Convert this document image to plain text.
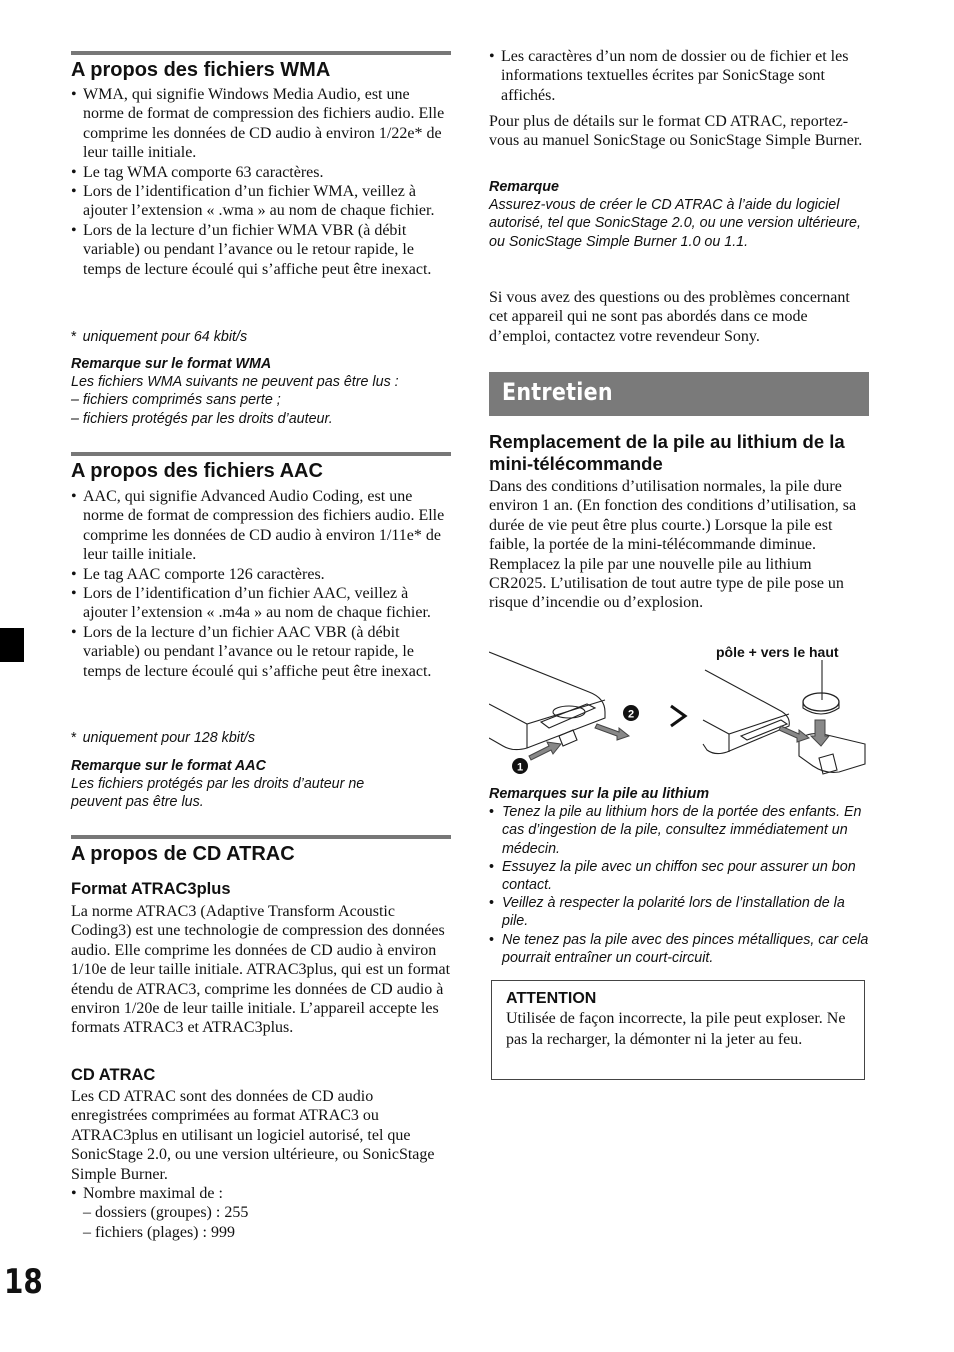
18
A propos des fichiers WMA
• WMA, qui signifie Windows Media Audio, est une norme de format de compression des fichiers audio. Elle comprime les données de CD audio à environ 1/22e* de leur taille initiale.
• Le tag WMA comporte 63 caractères.
• Lors de l’identification d’un fichier WMA, veillez à ajouter l’extension « .wma » au nom de chaque fichier.
• Lors de la lecture d’un fichier WMA VBR (à débit variable) ou pendant l’avance ou le retour rapide, le temps de lecture écoulé qui s’affiche peut être inexact.
* uniquement pour 64 kbit/s

Remarque sur le format WMA

Les fichiers WMA suivants ne peuvent pas être lus :

– fichiers comprimés sans perte ;

– fichiers protégés par les droits d’auteur.

A propos des fichiers AAC
• AAC, qui signifie Advanced Audio Coding, est une norme de format de compression des fichiers audio. Elle comprime les données de CD audio à environ 1/11e* de leur taille initiale.
• Le tag AAC comporte 126 caractères.
• Lors de l’identification d’un fichier AAC, veillez à ajouter l’extension « .m4a » au nom de chaque fichier.
• Lors de la lecture d’un fichier AAC VBR (à débit variable) ou pendant l’avance ou le retour rapide, le temps de lecture écoulé qui s’affiche peut être inexact.
* uniquement pour 128 kbit/s

Remarque sur le format AAC

Les fichiers protégés par les droits d’auteur ne peuvent pas être lus.

A propos de CD ATRAC
Format ATRAC3plus

La norme ATRAC3 (Adaptive Transform Acoustic Coding3) est une technologie de compression des données audio. Elle comprime les données de CD audio à environ 1/10e de leur taille initiale. ATRAC3plus, qui est un format étendu de ATRAC3, comprime les données de CD audio à environ 1/20e de leur taille initiale. L’appareil accepte les formats ATRAC3 et ATRAC3plus.

CD ATRAC

Les CD ATRAC sont des données de CD audio enregistrées comprimées au format ATRAC3 ou ATRAC3plus en utilisant un logiciel autorisé, tel que SonicStage 2.0, ou une version ultérieure, ou SonicStage Simple Burner.

• Nombre maximal de :

– dossiers (groupes) : 255

– fichiers (plages) : 999

• Les caractères d’un nom de dossier ou de fichier et les informations textuelles écrites par SonicStage sont affichés.

Pour plus de détails sur le format CD ATRAC, reportez-vous au manuel SonicStage ou SonicStage Simple Burner.

Remarque

Assurez-vous de créer le CD ATRAC à l’aide du logiciel autorisé, tel que SonicStage 2.0, ou une version ultérieure, ou SonicStage Simple Burner 1.0 ou 1.1.

Si vous avez des questions ou des problèmes concernant cet appareil qui ne sont pas abordés dans ce mode d’emploi, contactez votre revendeur Sony.

Entretien
Remplacement de la pile au lithium de la mini-télécommande

Dans des conditions d’utilisation normales, la pile dure environ 1 an. (En fonction des conditions d’utilisation, sa durée de vie peut être plus courte.) Lorsque la pile est faible, la portée de la mini-télécommande diminue. Remplacez la pile par une nouvelle pile au lithium CR2025. L’utilisation de tout autre type de pile pose un risque d’incendie ou d’explosion.

pôle + vers le haut
2
1

Remarques sur la pile au lithium

• Tenez la pile au lithium hors de la portée des enfants. En cas d’ingestion de la pile, consultez immédiatement un médecin.
• Essuyez la pile avec un chiffon sec pour assurer un bon contact.
• Veillez à respecter la polarité lors de l’installation de la pile.
• Ne tenez pas la pile avec des pinces métalliques, car cela pourrait entraîner un court-circuit.
ATTENTION
Utilisée de façon incorrecte, la pile peut exploser. Ne pas la recharger, la démonter ni la jeter au feu.
